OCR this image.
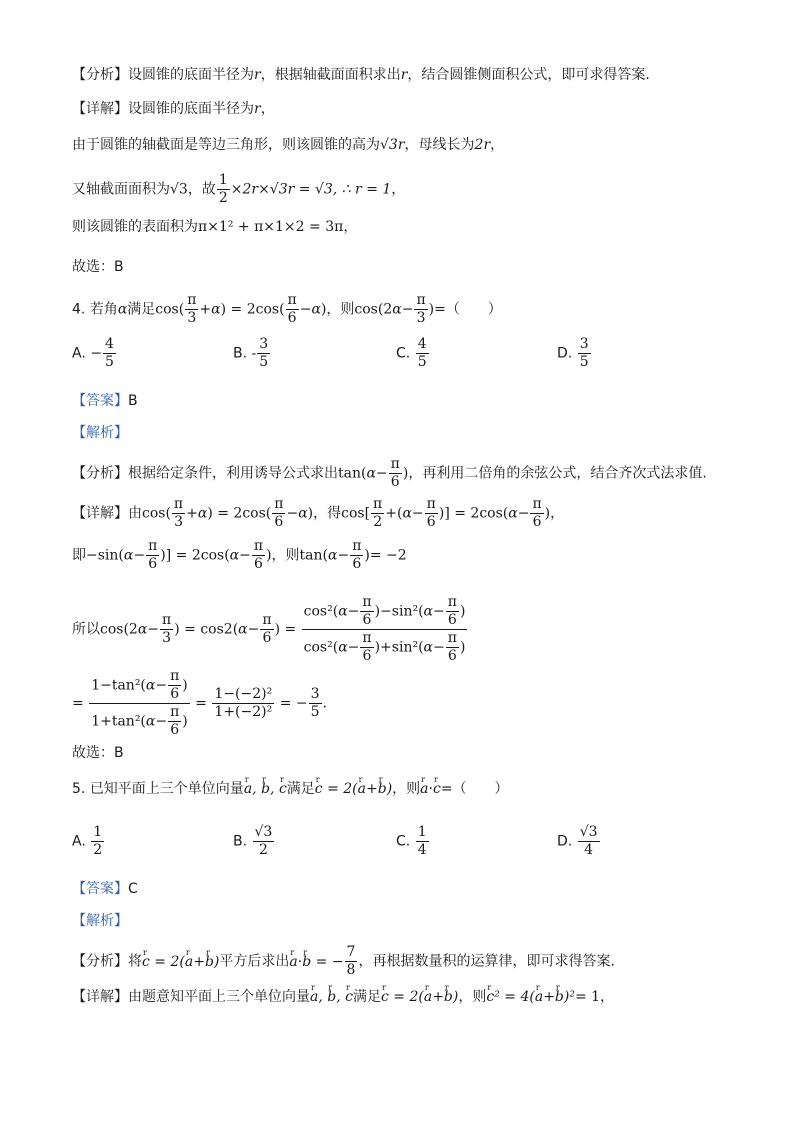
【分析】设圆锥的底面半径为r，根据轴截面面积求出r，结合圆锥侧面积公式，即可求得答案.
【详解】设圆锥的底面半径为r，
由于圆锥的轴截面是等边三角形，则该圆锥的高为√3r，母线长为2r，
又轴截面面积为√3，故 $\frac{1}{2} \times 2r\times√3r = √3$, ∴ r = 1，
则该圆锥的表面积为π×1² + π×1×2 = 3π，
故选：B
4. 若角α满足$\cos( \frac{\pi}{3} +\alpha) = 2\cos( \frac{\pi}{6} -\alpha)$，则$\cos(2\alpha- \frac{\pi}{3}$ )=（　　）
A. − $\frac{4}{5}$	B. - $\frac{3}{5}$	C. $\frac{4}{5}$	D. $\frac{3}{5}$
【答案】B
【解析】
【分析】根据给定条件，利用诱导公式求出$\tan(\alpha- \frac{\pi}{6}$ )，再利用二倍角的余弦公式，结合齐次式法求值.
【详解】由$\cos( \frac{\pi}{3} +\alpha) = 2\cos( \frac{\pi}{6} -\alpha)$，得$\cos[ \frac{\pi}{2} +(\alpha- \frac{\pi}{6}$ )] = $2\cos(\alpha- \frac{\pi}{6}$ )，
即$-\sin(\alpha- \frac{\pi}{6}$ )] = $2\cos(\alpha- \frac{\pi}{6}$ )，则$\tan(\alpha- \frac{\pi}{6}$ )= −2
所以$\cos(2\alpha- \frac{\pi}{3}$ ) = $\cos 2(\alpha- \frac{\pi}{6}$ ) = $\frac{\cos^2(\alpha- \frac{\pi}{6} )-\sin^2(\alpha- \frac{\pi}{6} )}{\cos^2(\alpha- \frac{\pi}{6} )+\sin^2(\alpha- \frac{\pi}{6} )}$
= $\frac{1-\tan^2(\alpha- \frac{\pi}{6} )}{1+\tan^2(\alpha- \frac{\pi}{6} )} = \frac{\text{1−(−2)²}}{\text{1+(−2)²}}$ = − $\frac{3}{5}$ .
故选：B
5. 已知平面上三个单位向量r a, r b, r c满足r c = 2(r a+r b)，则r a·r c=（　　）
A. $\frac{1}{2}$	B. $\frac{√3}{2}$	C. $\frac{1}{4}$	D. $\frac{√3}{4}$
【答案】C
【解析】
【分析】将r c = 2(r a+r b)平方后求出r a·r b = − $\frac{7}{8}$ ，再根据数量积的运算律，即可求得答案.
【详解】由题意知平面上三个单位向量r a, r b, r c满足r c = 2(r a+r b)，则r c² = 4(r a+r b)²= 1，
